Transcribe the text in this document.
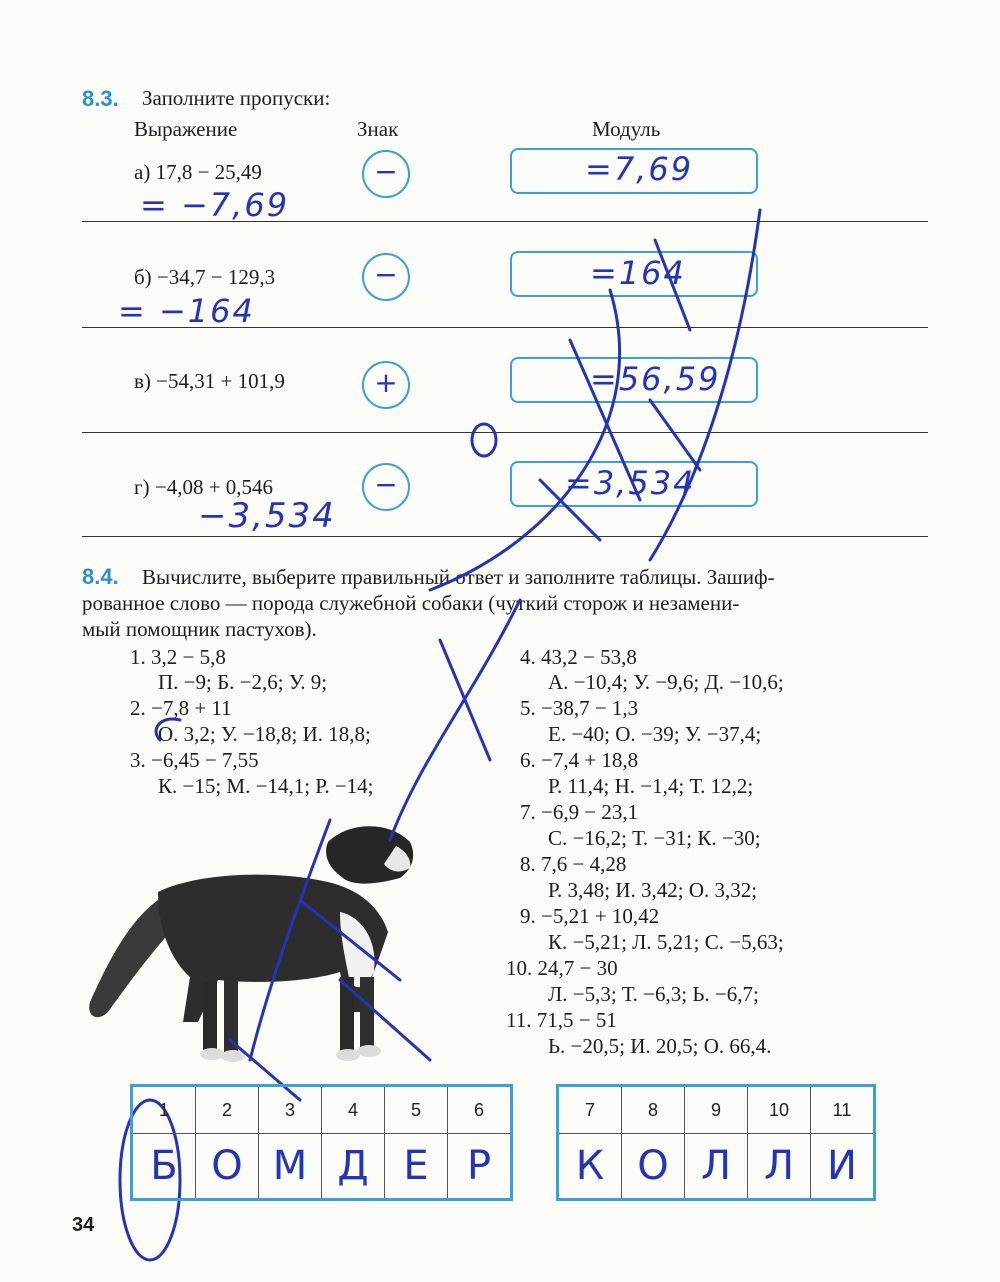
8.3. Заполните пропуски:
Выражение	Знак	Модуль
а) 17,8 − 25,49	−	=7,69
= −7,69
б) −34,7 − 129,3	−	=164
= −164
в) −54,31 + 101,9	+	=56,59
г) −4,08 + 0,546	−	=3,534
−3,534
8.4. Вычислите, выберите правильный ответ и заполните таблицы. Зашиф-
рованное слово — порода служебной собаки (чуткий сторож и незамени-
мый помощник пастухов).
1. 3,2 − 5,8
П. −9; Б. −2,6; У. 9;
2. −7,8 + 11
О. 3,2; У. −18,8; И. 18,8;
3. −6,45 − 7,55
К. −15; М. −14,1; Р. −14;
4. 43,2 − 53,8
А. −10,4; У. −9,6; Д. −10,6;
5. −38,7 − 1,3
Е. −40; О. −39; У. −37,4;
6. −7,4 + 18,8
Р. 11,4; Н. −1,4; Т. 12,2;
7. −6,9 − 23,1
С. −16,2; Т. −31; К. −30;
8. 7,6 − 4,28
Р. 3,48; И. 3,42; О. 3,32;
9. −5,21 + 10,42
К. −5,21; Л. 5,21; С. −5,63;
10. 24,7 − 30
Л. −5,3; Т. −6,3; Ь. −6,7;
11. 71,5 − 51
Ь. −20,5; И. 20,5; О. 66,4.
1	2	3	4	5	6
Б	О	М	Д	Е	Р
7	8	9	10	11
К	О	Л	Л	И
34
